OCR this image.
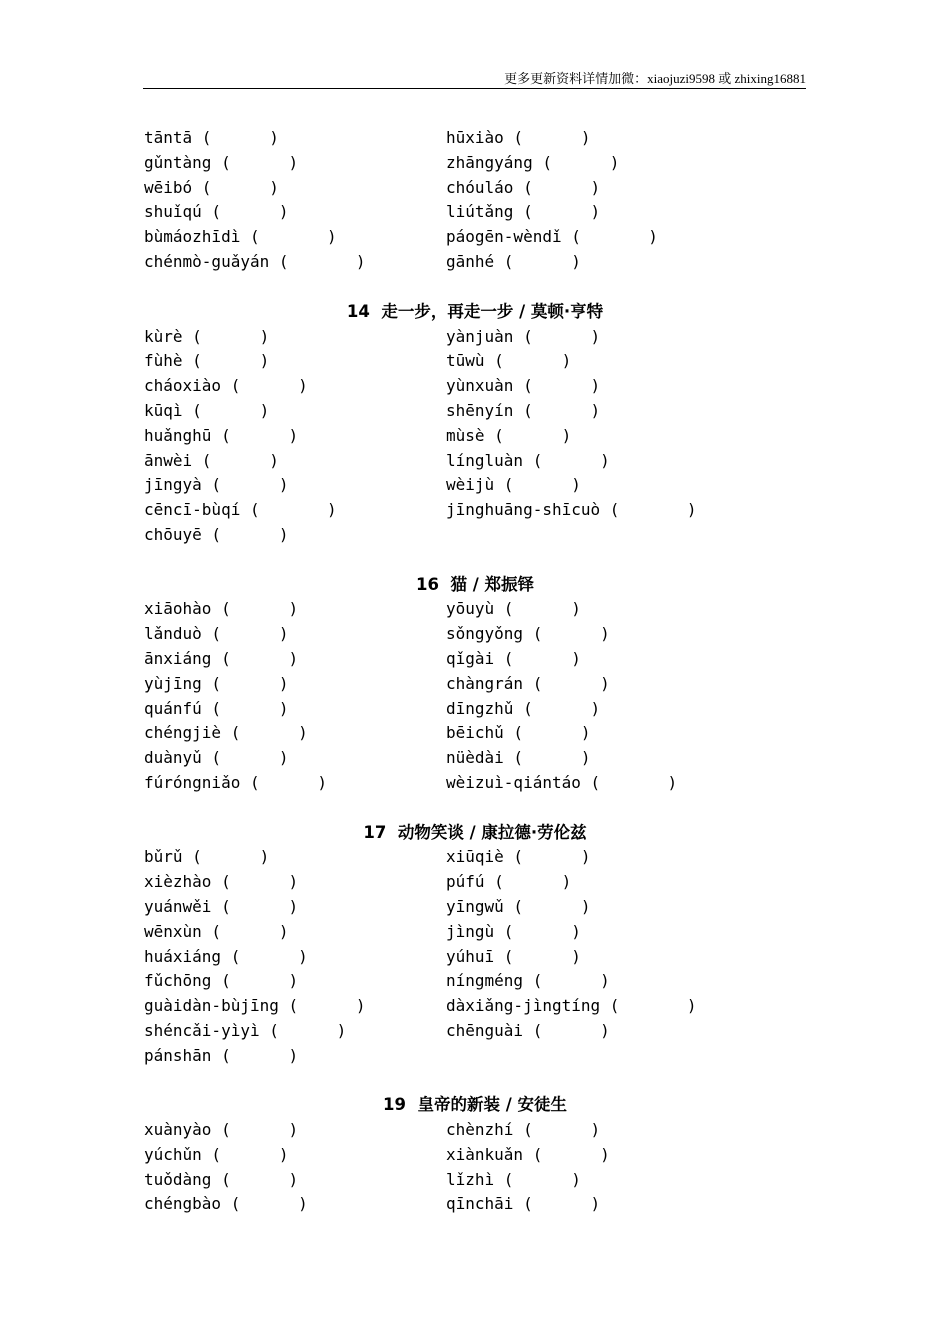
更多更新资料详情加微：xiaojuzi9598 或 zhixing16881
tāntā (      )	hūxiào (      )
gǔntàng (      )	zhāngyáng (      )
wēibó (      )	chóuláo (      )
shuǐqú (      )	liútǎng (      )
bùmáozhīdì (       )	páogēn-wèndǐ (       )
chénmò-guǎyán (       )	gānhé (      )
14  走一步，再走一步 / 莫顿·亨特
kùrè (      )	yànjuàn (      )
fùhè (      )	tūwù (      )
cháoxiào (      )	yùnxuàn (      )
kūqì (      )	shēnyín (      )
huǎnghū (      )	mùsè (      )
ānwèi (      )	língluàn (      )
jīngyà (      )	wèijù (      )
cēncī-bùqí (       )	jīnghuāng-shīcuò (       )
chōuyē (      )
16  猫 / 郑振铎
xiāohào (      )	yōuyù (      )
lǎnduò (      )	sǒngyǒng (      )
ānxiáng (      )	qǐgài (      )
yùjīng (      )	chàngrán (      )
quánfú (      )	dīngzhǔ (      )
chéngjiè (      )	bēichǔ (      )
duànyǔ (      )	nüèdài (      )
fúróngniǎo (      )	wèizuì-qiántáo (       )
17  动物笑谈 / 康拉德·劳伦兹
bǔrǔ (      )	xiūqiè (      )
xièzhào (      )	púfú (      )
yuánwěi (      )	yīngwǔ (      )
wēnxùn (      )	jìngù (      )
huáxiáng (      )	yúhuī (      )
fǔchōng (      )	níngméng (      )
guàidàn-bùjīng (      )	dàxiǎng-jìngtíng (       )
shéncǎi-yìyì (      )	chēnguài (      )
pánshān (      )
19  皇帝的新装 / 安徒生
xuànyào (      )	chènzhí (      )
yúchǔn (      )	xiànkuǎn (      )
tuǒdàng (      )	lǐzhì (      )
chéngbào (      )	qīnchāi (      )
